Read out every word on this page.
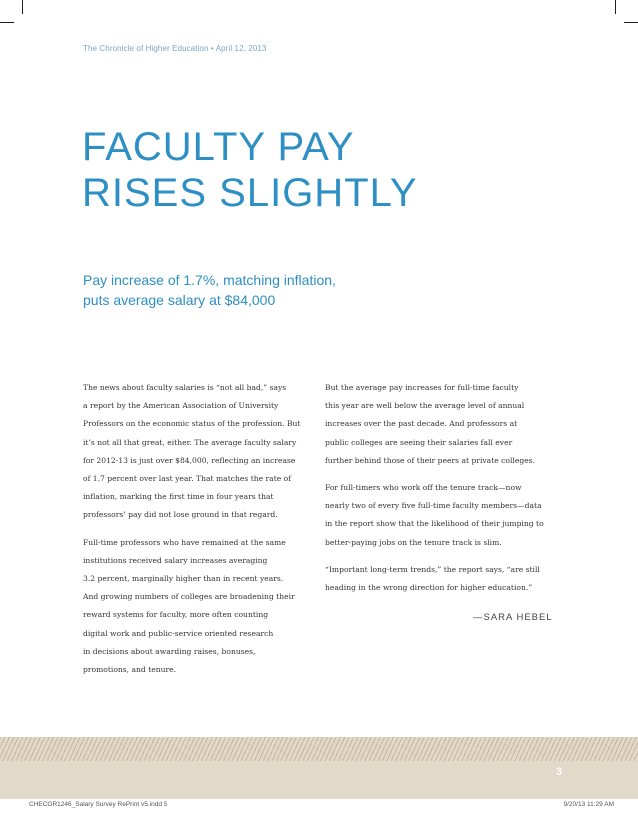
The Chronicle of Higher Education • April 12, 2013
FACULTY PAY
RISES SLIGHTLY

Pay increase of 1.7%, matching inflation,
puts average salary at $84,000

The news about faculty salaries is “not all bad,” says
a report by the American Association of University
Professors on the economic status of the profession. But
it’s not all that great, either. The average faculty salary
for 2012-13 is just over $84,000, reflecting an increase
of 1.7 percent over last year. That matches the rate of
inflation, marking the first time in four years that
professors’ pay did not lose ground in that regard.

Full-time professors who have remained at the same
institutions received salary increases averaging
3.2 percent, marginally higher than in recent years.
And growing numbers of colleges are broadening their
reward systems for faculty, more often counting
digital work and public-service oriented research
in decisions about awarding raises, bonuses,
promotions, and tenure.

But the average pay increases for full-time faculty
this year are well below the average level of annual
increases over the past decade. And professors at
public colleges are seeing their salaries fall ever
further behind those of their peers at private colleges.

For full-timers who work off the tenure track—now
nearly two of every five full-time faculty members—data
in the report show that the likelihood of their jumping to
better-paying jobs on the tenure track is slim.

“Important long-term trends,” the report says, “are still
heading in the wrong direction for higher education.”

—SARA HEBEL
3
CHECOR1246_Salary Survey RePrint v5.indd 5	9/20/13 11:29 AM
